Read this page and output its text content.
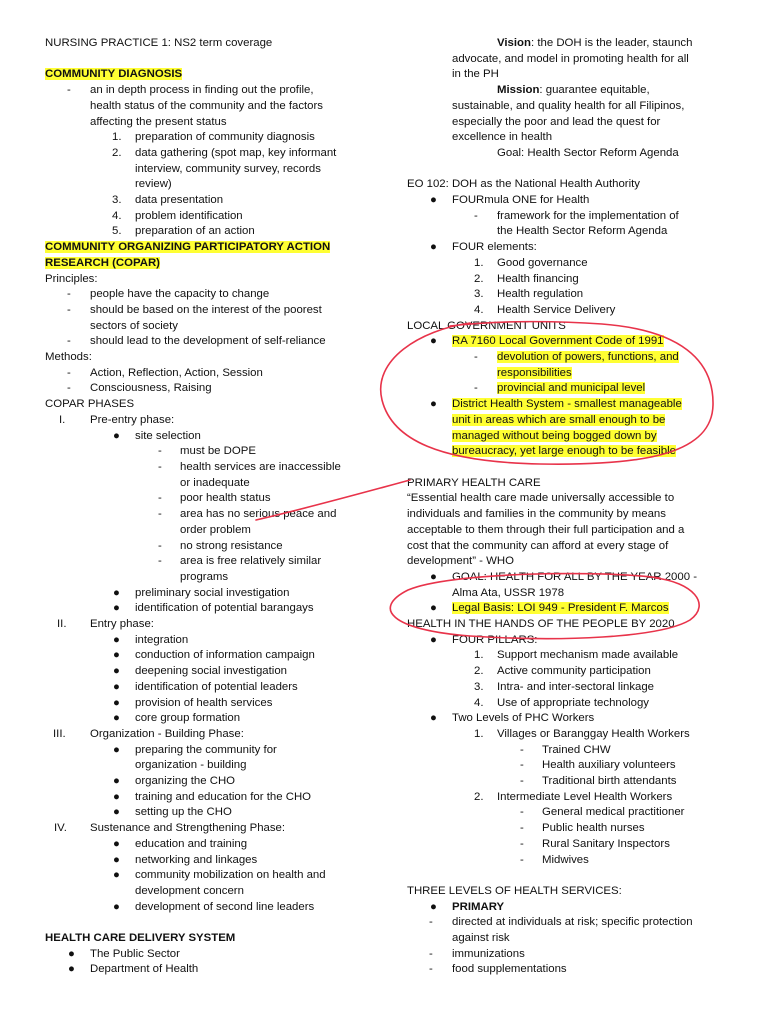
NURSING PRACTICE 1: NS2 term coverage

COMMUNITY DIAGNOSIS
- an in depth process in finding out the profile,
health status of the community and the factors
affecting the present status
1. preparation of community diagnosis
2. data gathering (spot map, key informant
interview, community survey, records
review)
3. data presentation
4. problem identification
5. preparation of an action
COMMUNITY ORGANIZING PARTICIPATORY ACTION
RESEARCH (COPAR)
Principles:
- people have the capacity to change
- should be based on the interest of the poorest
sectors of society
- should lead to the development of self-reliance
Methods:
- Action, Reflection, Action, Session
- Consciousness, Raising
COPAR PHASES
I. Pre-entry phase:
● site selection
- must be DOPE
- health services are inaccessible
or inadequate
- poor health status
- area has no serious peace and
order problem
- no strong resistance
- area is free relatively similar
programs
● preliminary social investigation
● identification of potential barangays
II. Entry phase:
● integration
● conduction of information campaign
● deepening social investigation
● identification of potential leaders
● provision of health services
● core group formation
III. Organization - Building Phase:
● preparing the community for
organization - building
● organizing the CHO
● training and education for the CHO
● setting up the CHO
IV. Sustenance and Strengthening Phase:
● education and training
● networking and linkages
● community mobilization on health and
development concern
● development of second line leaders

HEALTH CARE DELIVERY SYSTEM
● The Public Sector
● Department of Health
Vision: the DOH is the leader, staunch
advocate, and model in promoting health for all
in the PH
Mission: guarantee equitable,
sustainable, and quality health for all Filipinos,
especially the poor and lead the quest for
excellence in health
Goal: Health Sector Reform Agenda

EO 102: DOH as the National Health Authority
● FOURmula ONE for Health
- framework for the implementation of
the Health Sector Reform Agenda
● FOUR elements:
1. Good governance
2. Health financing
3. Health regulation
4. Health Service Delivery
LOCAL GOVERNMENT UNITS
● RA 7160 Local Government Code of 1991
- devolution of powers, functions, and
responsibilities
- provincial and municipal level
● District Health System - smallest manageable
unit in areas which are small enough to be
managed without being bogged down by
bureaucracy, yet large enough to be feasible

PRIMARY HEALTH CARE
“Essential health care made universally accessible to
individuals and families in the community by means
acceptable to them through their full participation and a
cost that the community can afford at every stage of
development” - WHO
● GOAL: HEALTH FOR ALL BY THE YEAR 2000 -
Alma Ata, USSR 1978
● Legal Basis: LOI 949 - President F. Marcos
HEALTH IN THE HANDS OF THE PEOPLE BY 2020
● FOUR PILLARS:
1. Support mechanism made available
2. Active community participation
3. Intra- and inter-sectoral linkage
4. Use of appropriate technology
● Two Levels of PHC Workers
1. Villages or Baranggay Health Workers
- Trained CHW
- Health auxiliary volunteers
- Traditional birth attendants
2. Intermediate Level Health Workers
- General medical practitioner
- Public health nurses
- Rural Sanitary Inspectors
- Midwives

THREE LEVELS OF HEALTH SERVICES:
● PRIMARY
- directed at individuals at risk; specific protection
against risk
- immunizations
- food supplementations
